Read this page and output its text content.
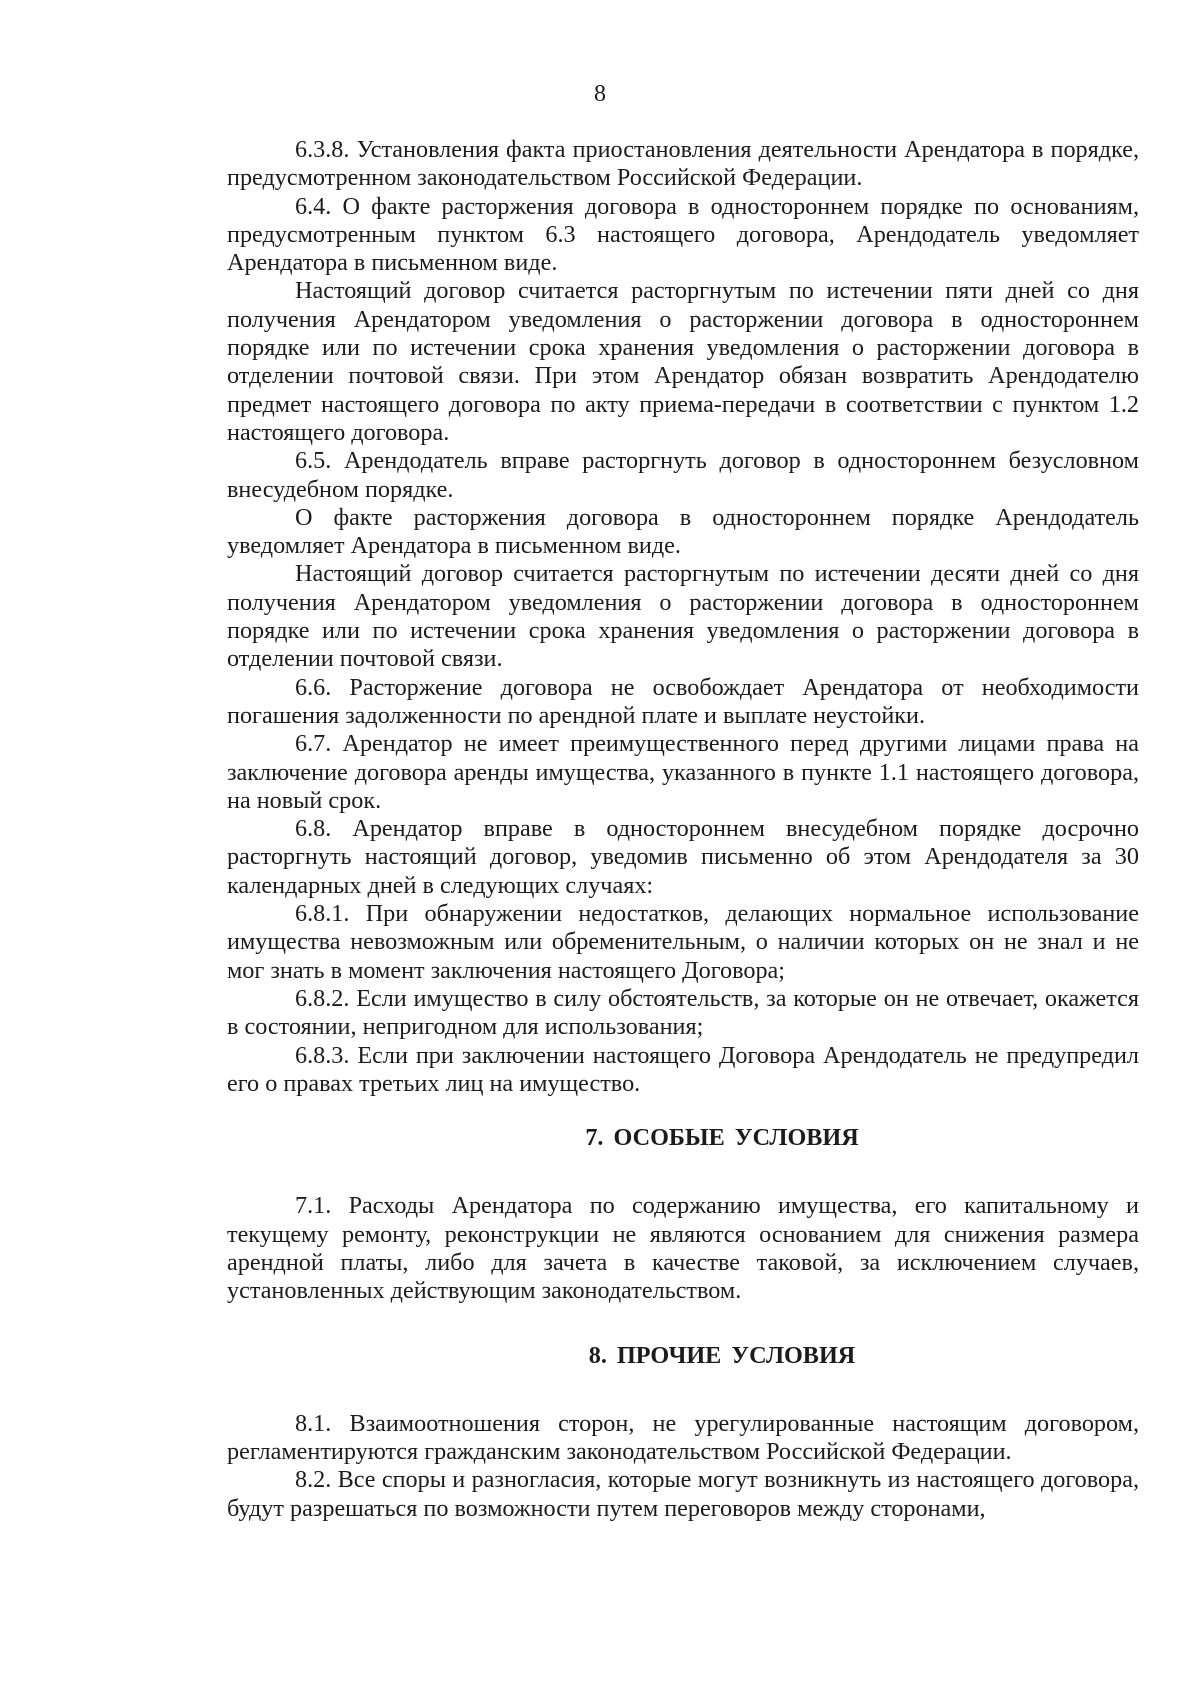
8

6.3.8. Установления факта приостановления деятельности Арендатора в порядке, предусмотренном законодательством Российской Федерации.

6.4. О факте расторжения договора в одностороннем порядке по основаниям, предусмотренным пунктом 6.3 настоящего договора, Арендодатель уведомляет Арендатора в письменном виде.

Настоящий договор считается расторгнутым по истечении пяти дней со дня получения Арендатором уведомления о расторжении договора в одностороннем порядке или по истечении срока хранения уведомления о расторжении договора в отделении почтовой связи. При этом Арендатор обязан возвратить Арендодателю предмет настоящего договора по акту приема-передачи в соответствии с пунктом 1.2 настоящего договора.

6.5. Арендодатель вправе расторгнуть договор в одностороннем безусловном внесудебном порядке.

О факте расторжения договора в одностороннем порядке Арендодатель уведомляет Арендатора в письменном виде.

Настоящий договор считается расторгнутым по истечении десяти дней со дня получения Арендатором уведомления о расторжении договора в одностороннем порядке или по истечении срока хранения уведомления о расторжении договора в отделении почтовой связи.

6.6. Расторжение договора не освобождает Арендатора от необходимости погашения задолженности по арендной плате и выплате неустойки.

6.7. Арендатор не имеет преимущественного перед другими лицами права на заключение договора аренды имущества, указанного в пункте 1.1 настоящего договора, на новый срок.

6.8. Арендатор вправе в одностороннем внесудебном порядке досрочно расторгнуть настоящий договор, уведомив письменно об этом Арендодателя за 30 календарных дней в следующих случаях:

6.8.1. При обнаружении недостатков, делающих нормальное использование имущества невозможным или обременительным, о наличии которых он не знал и не мог знать в момент заключения настоящего Договора;

6.8.2. Если имущество в силу обстоятельств, за которые он не отвечает, окажется в состоянии, непригодном для использования;

6.8.3. Если при заключении настоящего Договора Арендодатель не предупредил его о правах третьих лиц на имущество.

7. ОСОБЫЕ УСЛОВИЯ

7.1. Расходы Арендатора по содержанию имущества, его капитальному и текущему ремонту, реконструкции не являются основанием для снижения размера арендной платы, либо для зачета в качестве таковой, за исключением случаев, установленных действующим законодательством.

8. ПРОЧИЕ УСЛОВИЯ

8.1. Взаимоотношения сторон, не урегулированные настоящим договором, регламентируются гражданским законодательством Российской Федерации.

8.2. Все споры и разногласия, которые могут возникнуть из настоящего договора, будут разрешаться по возможности путем переговоров между сторонами,
